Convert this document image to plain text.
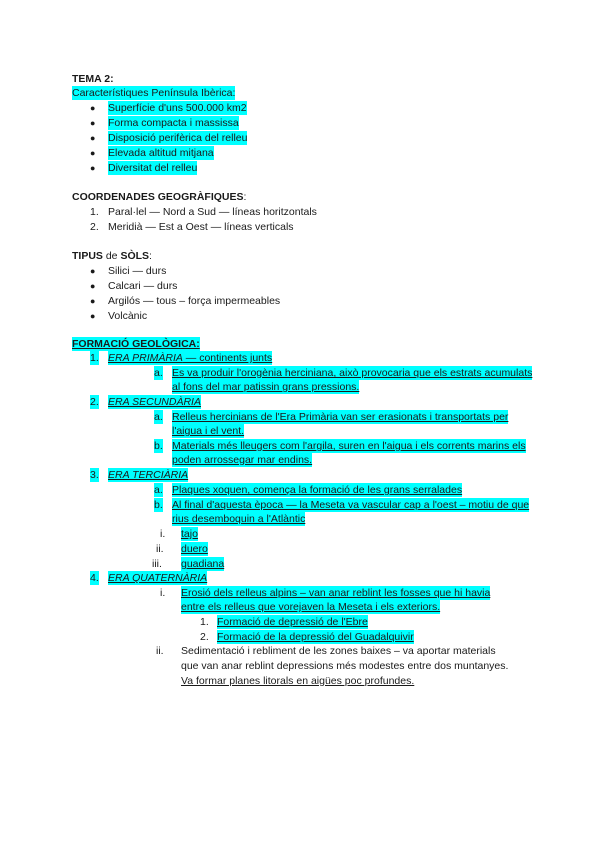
TEMA 2:
Característiques Península Ibèrica:
● Superfície d'uns 500.000 km2
● Forma compacta i massissa
● Disposició perifèrica del relleu
● Elevada altitud mitjana
● Diversitat del relleu
COORDENADES GEOGRÀFIQUES:
1. Paral·lel — Nord a Sud — líneas horitzontals
2. Meridià — Est a Oest — líneas verticals
TIPUS de SÒLS:
● Silici — durs
● Calcari — durs
● Argilós — tous – força impermeables
● Volcànic
FORMACIÓ GEOLÒGICA:
1. ERA PRIMÀRIA — continents junts
a. Es va produir l'orogènia herciniana, això provocaria que els estrats acumulats
al fons del mar patissin grans pressions.
2. ERA SECUNDÀRIA
a. Relleus hercinians de l'Era Primària van ser erasionats i transportats per
l'aigua i el vent.
b. Materials més lleugers com l'argila, suren en l'aigua i els corrents marins els
poden arrossegar mar endins.
3. ERA TERCIÀRIA
a. Plaques xoquen, comença la formació de les grans serralades
b. Al final d'aquesta època — la Meseta va vascular cap a l'oest – motiu de que
rius desemboquin a l'Atlàntic
i. tajo
ii. duero
iii. guadiana
4. ERA QUATERNÀRIA
i. Erosió dels relleus alpins – van anar reblint les fosses que hi havia
entre els relleus que vorejaven la Meseta i els exteriors.
1. Formació de depressió de l'Ebre
2. Formació de la depressió del Guadalquivir
ii. Sedimentació i rebliment de les zones baixes – va aportar materials
que van anar reblint depressions més modestes entre dos muntanyes.
Va formar planes litorals en aigües poc profundes.
